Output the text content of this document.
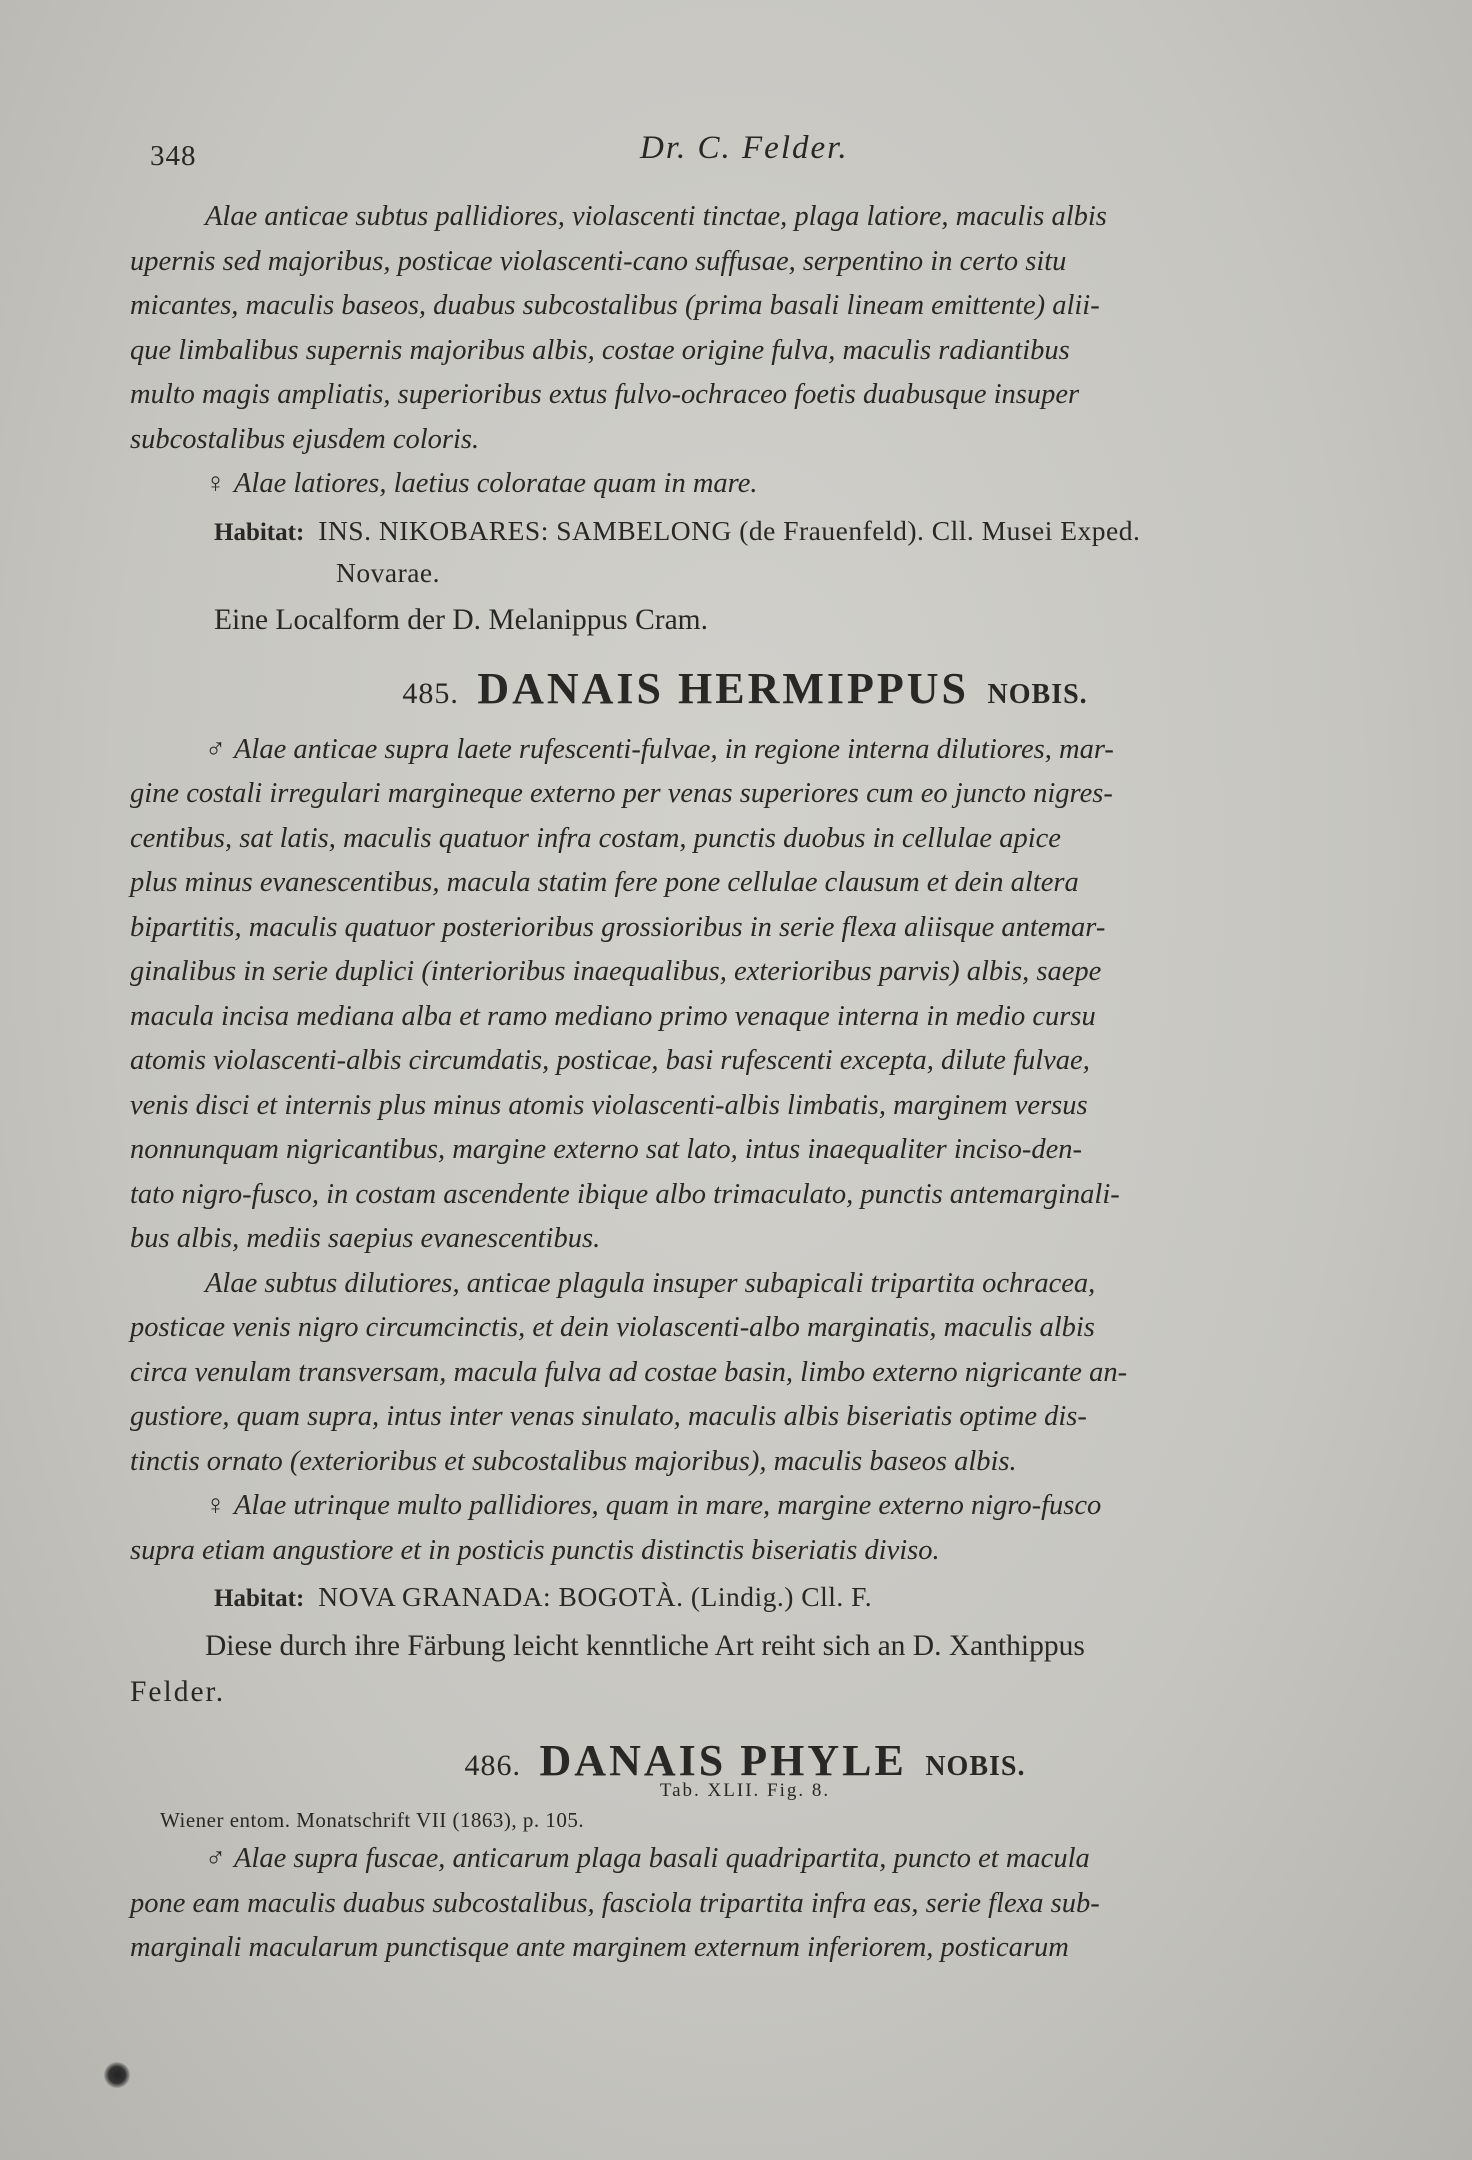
348	Dr. C. Felder.

Alae anticae subtus pallidiores, violascenti tinctae, plaga latiore, maculis albis
upernis sed majoribus, posticae violascenti-cano suffusae, serpentino in certo situ
micantes, maculis baseos, duabus subcostalibus (prima basali lineam emittente) alii-
que limbalibus supernis majoribus albis, costae origine fulva, maculis radiantibus
multo magis ampliatis, superioribus extus fulvo-ochraceo foetis duabusque insuper
subcostalibus ejusdem coloris.

♀ Alae latiores, laetius coloratae quam in mare.

Habitat: INS. NIKOBARES: SAMBELONG (de Frauenfeld). Cll. Musei Exped.
Novarae.
Eine Localform der D. Melanippus Cram.
485. DANAIS HERMIPPUS NOBIS.

♂ Alae anticae supra laete rufescenti-fulvae, in regione interna dilutiores, mar-
gine costali irregulari margineque externo per venas superiores cum eo juncto nigres-
centibus, sat latis, maculis quatuor infra costam, punctis duobus in cellulae apice
plus minus evanescentibus, macula statim fere pone cellulae clausum et dein altera
bipartitis, maculis quatuor posterioribus grossioribus in serie flexa aliisque antemar-
ginalibus in serie duplici (interioribus inaequalibus, exterioribus parvis) albis, saepe
macula incisa mediana alba et ramo mediano primo venaque interna in medio cursu
atomis violascenti-albis circumdatis, posticae, basi rufescenti excepta, dilute fulvae,
venis disci et internis plus minus atomis violascenti-albis limbatis, marginem versus
nonnunquam nigricantibus, margine externo sat lato, intus inaequaliter inciso-den-
tato nigro-fusco, in costam ascendente ibique albo trimaculato, punctis antemarginali-
bus albis, mediis saepius evanescentibus.

Alae subtus dilutiores, anticae plagula insuper subapicali tripartita ochracea,
posticae venis nigro circumcinctis, et dein violascenti-albo marginatis, maculis albis
circa venulam transversam, macula fulva ad costae basin, limbo externo nigricante an-
gustiore, quam supra, intus inter venas sinulato, maculis albis biseriatis optime dis-
tinctis ornato (exterioribus et subcostalibus majoribus), maculis baseos albis.

♀ Alae utrinque multo pallidiores, quam in mare, margine externo nigro-fusco
supra etiam angustiore et in posticis punctis distinctis biseriatis diviso.

Habitat: NOVA GRANADA: BOGOTÀ. (Lindig.) Cll. F.
Diese durch ihre Färbung leicht kenntliche Art reiht sich an D. Xanthippus
Felder.
486. DANAIS PHYLE NOBIS.
Tab. XLII. Fig. 8.
Wiener entom. Monatschrift VII (1863), p. 105.

♂ Alae supra fuscae, anticarum plaga basali quadripartita, puncto et macula
pone eam maculis duabus subcostalibus, fasciola tripartita infra eas, serie flexa sub-
marginali macularum punctisque ante marginem externum inferiorem, posticarum
